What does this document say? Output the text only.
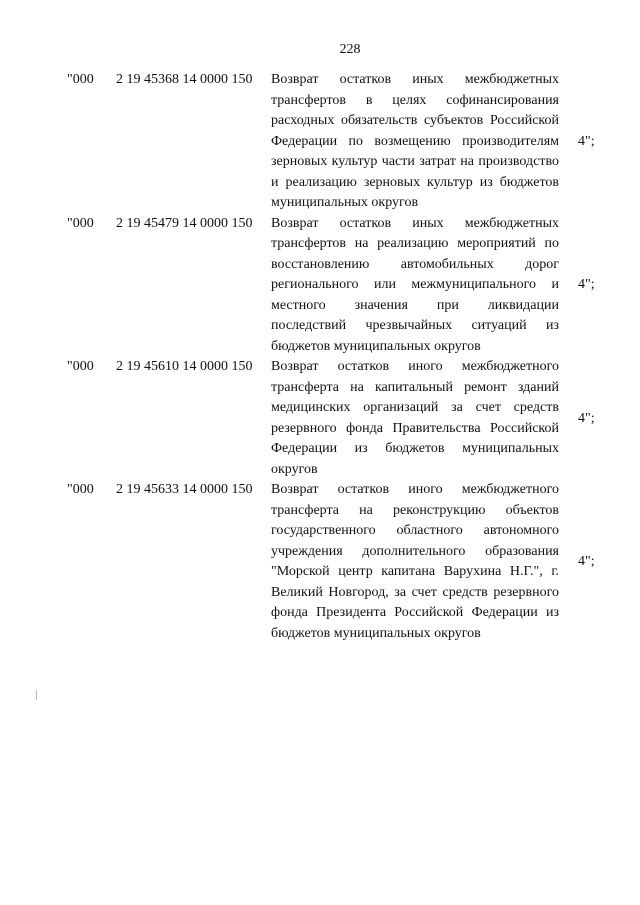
228
"000 2 19 45368 14 0000 150 Возврат остатков иных межбюджетных трансфертов в целях софинансирования расходных обязательств субъектов Российской Федерации по возмещению производителям зерновых культур части затрат на производство и реализацию зерновых культур из бюджетов муниципальных округов
4";
"000 2 19 45479 14 0000 150 Возврат остатков иных межбюджетных трансфертов на реализацию мероприятий по восстановлению автомобильных дорог регионального или межмуниципального и местного значения при ликвидации последствий чрезвычайных ситуаций из бюджетов муниципальных округов
4";
"000 2 19 45610 14 0000 150 Возврат остатков иного межбюджетного трансферта на капитальный ремонт зданий медицинских организаций за счет средств резервного фонда Правительства Российской Федерации из бюджетов муниципальных округов
4";
"000 2 19 45633 14 0000 150 Возврат остатков иного межбюджетного трансферта на реконструкцию объектов государственного областного автономного учреждения дополнительного образования "Морской центр капитана Варухина Н.Г.", г. Великий Новгород, за счет средств резервного фонда Президента Российской Федерации из бюджетов муниципальных округов
4";
